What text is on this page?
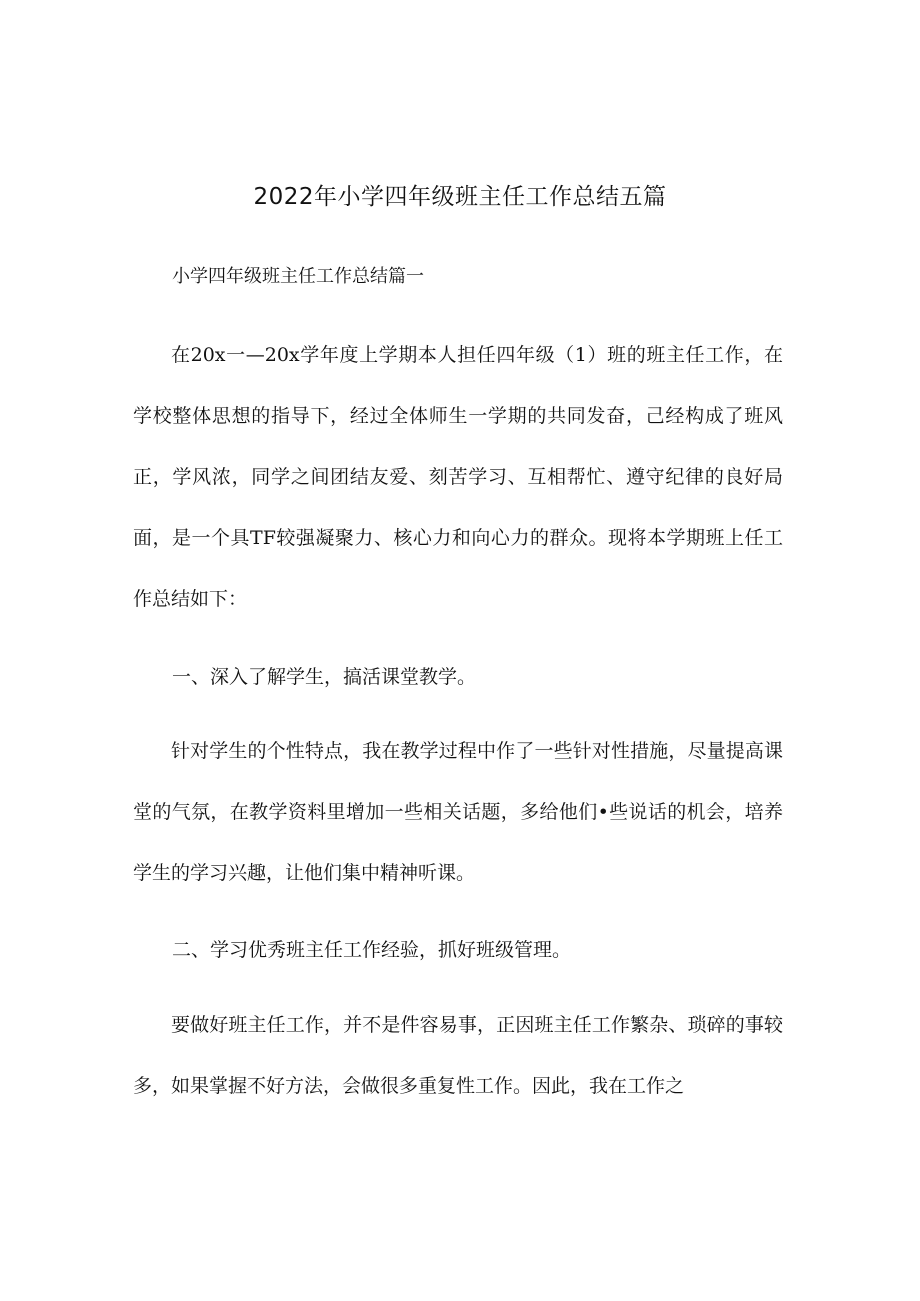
2022年小学四年级班主任工作总结五篇
小学四年级班主任工作总结篇一

在20x一—20x学年度上学期本人担任四年级（1）班的班主任工作，在学校整体思想的指导下，经过全体师生一学期的共同发奋，己经构成了班风正，学风浓，同学之间团结友爱、刻苦学习、互相帮忙、遵守纪律的良好局面，是一个具TF较强凝聚力、核心力和向心力的群众。现将本学期班上任工作总结如下：

一、深入了解学生，搞活课堂教学。

针对学生的个性特点，我在教学过程中作了一些针对性措施，尽量提高课堂的气氛，在教学资料里增加一些相关话题，多给他们•些说话的机会，培养学生的学习兴趣，让他们集中精神听课。

二、学习优秀班主任工作经验，抓好班级管理。

要做好班主任工作，并不是件容易事，正因班主任工作繁杂、琐碎的事较多，如果掌握不好方法，会做很多重复性工作。因此，我在工作之
